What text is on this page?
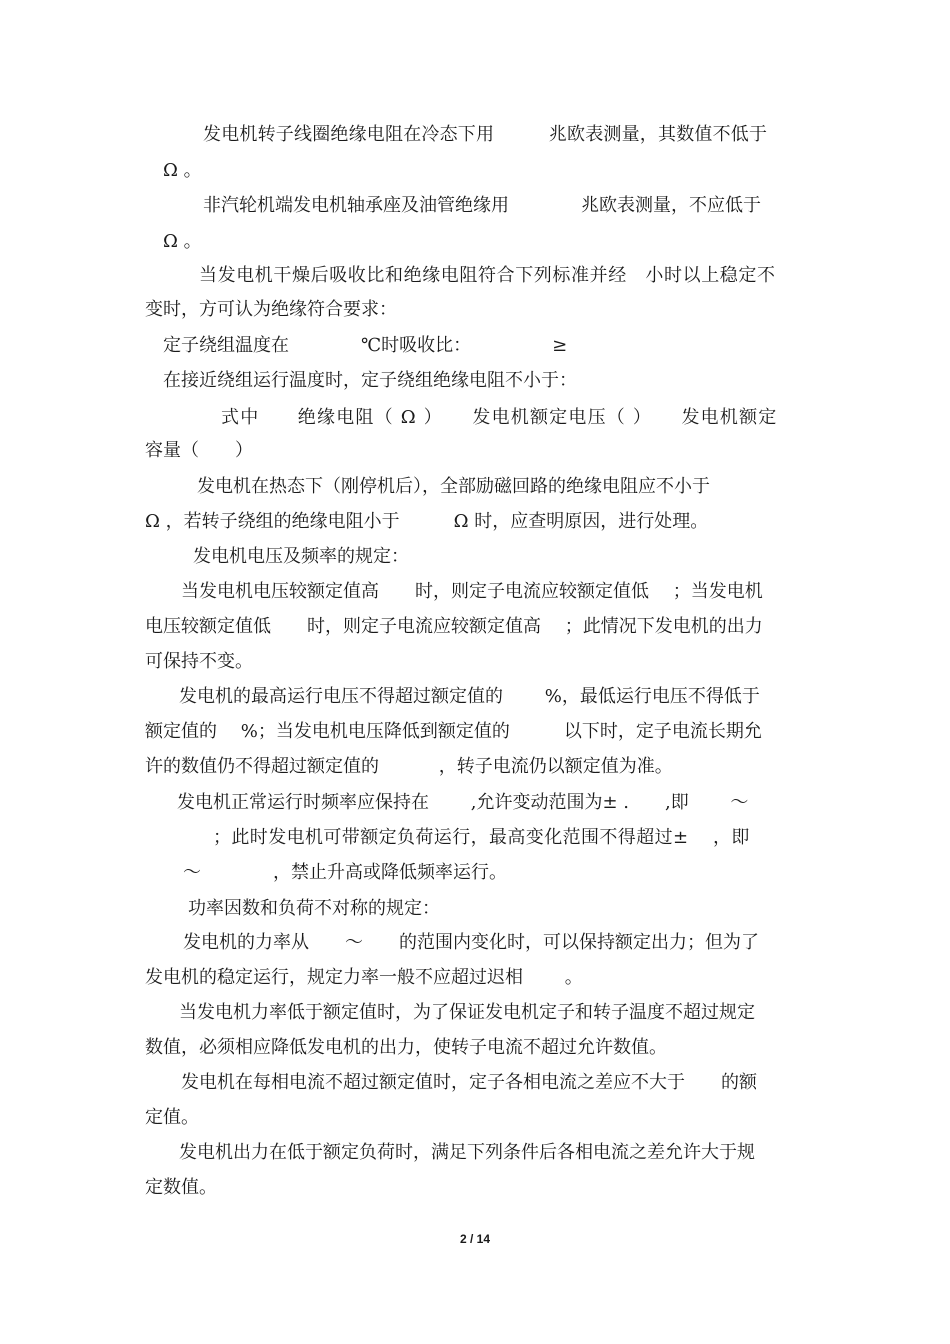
发电机转子线圈绝缘电阻在冷态下用　　　兆欧表测量，其数值不低于
Ω 。
非汽轮机端发电机轴承座及油管绝缘用　　　　兆欧表测量，不应低于
Ω 。
当发电机干燥后吸收比和绝缘电阻符合下列标准并经　小时以上稳定不
变时，方可认为绝缘符合要求：
定子绕组温度在　　　　℃时吸收比：　　　　　≥
在接近绕组运行温度时，定子绕组绝缘电阻不小于：
式中　　绝缘电阻（ Ω ）　　发电机额定电压（ ）　　发电机额定
容量（　　）
发电机在热态下（刚停机后），全部励磁回路的绝缘电阻应不小于
Ω ，若转子绕组的绝缘电阻小于　　　Ω 时，应查明原因，进行处理。
发电机电压及频率的规定：
当发电机电压较额定值高　　时，则定子电流应较额定值低　 ；当发电机
电压较额定值低　　时，则定子电流应较额定值高　 ；此情况下发电机的出力
可保持不变。
发电机的最高运行电压不得超过额定值的　　 %，最低运行电压不得低于
额定值的　 %；当发电机电压降低到额定值的　　　以下时，定子电流长期允
许的数值仍不得超过额定值的　　　 ，转子电流仍以额定值为准。
发电机正常运行时频率应保持在　　 ,允许变动范围为± .　　,即　　 ～
；此时发电机可带额定负荷运行，最高变化范围不得超过±　 ，即
～　　　　，禁止升高或降低频率运行。
功率因数和负荷不对称的规定：
发电机的力率从　　～　　的范围内变化时，可以保持额定出力；但为了
发电机的稳定运行，规定力率一般不应超过迟相　　 。
当发电机力率低于额定值时，为了保证发电机定子和转子温度不超过规定
数值，必须相应降低发电机的出力，使转子电流不超过允许数值。
发电机在每相电流不超过额定值时，定子各相电流之差应不大于　　的额
定值。
发电机出力在低于额定负荷时，满足下列条件后各相电流之差允许大于规
定数值。
2 / 14
